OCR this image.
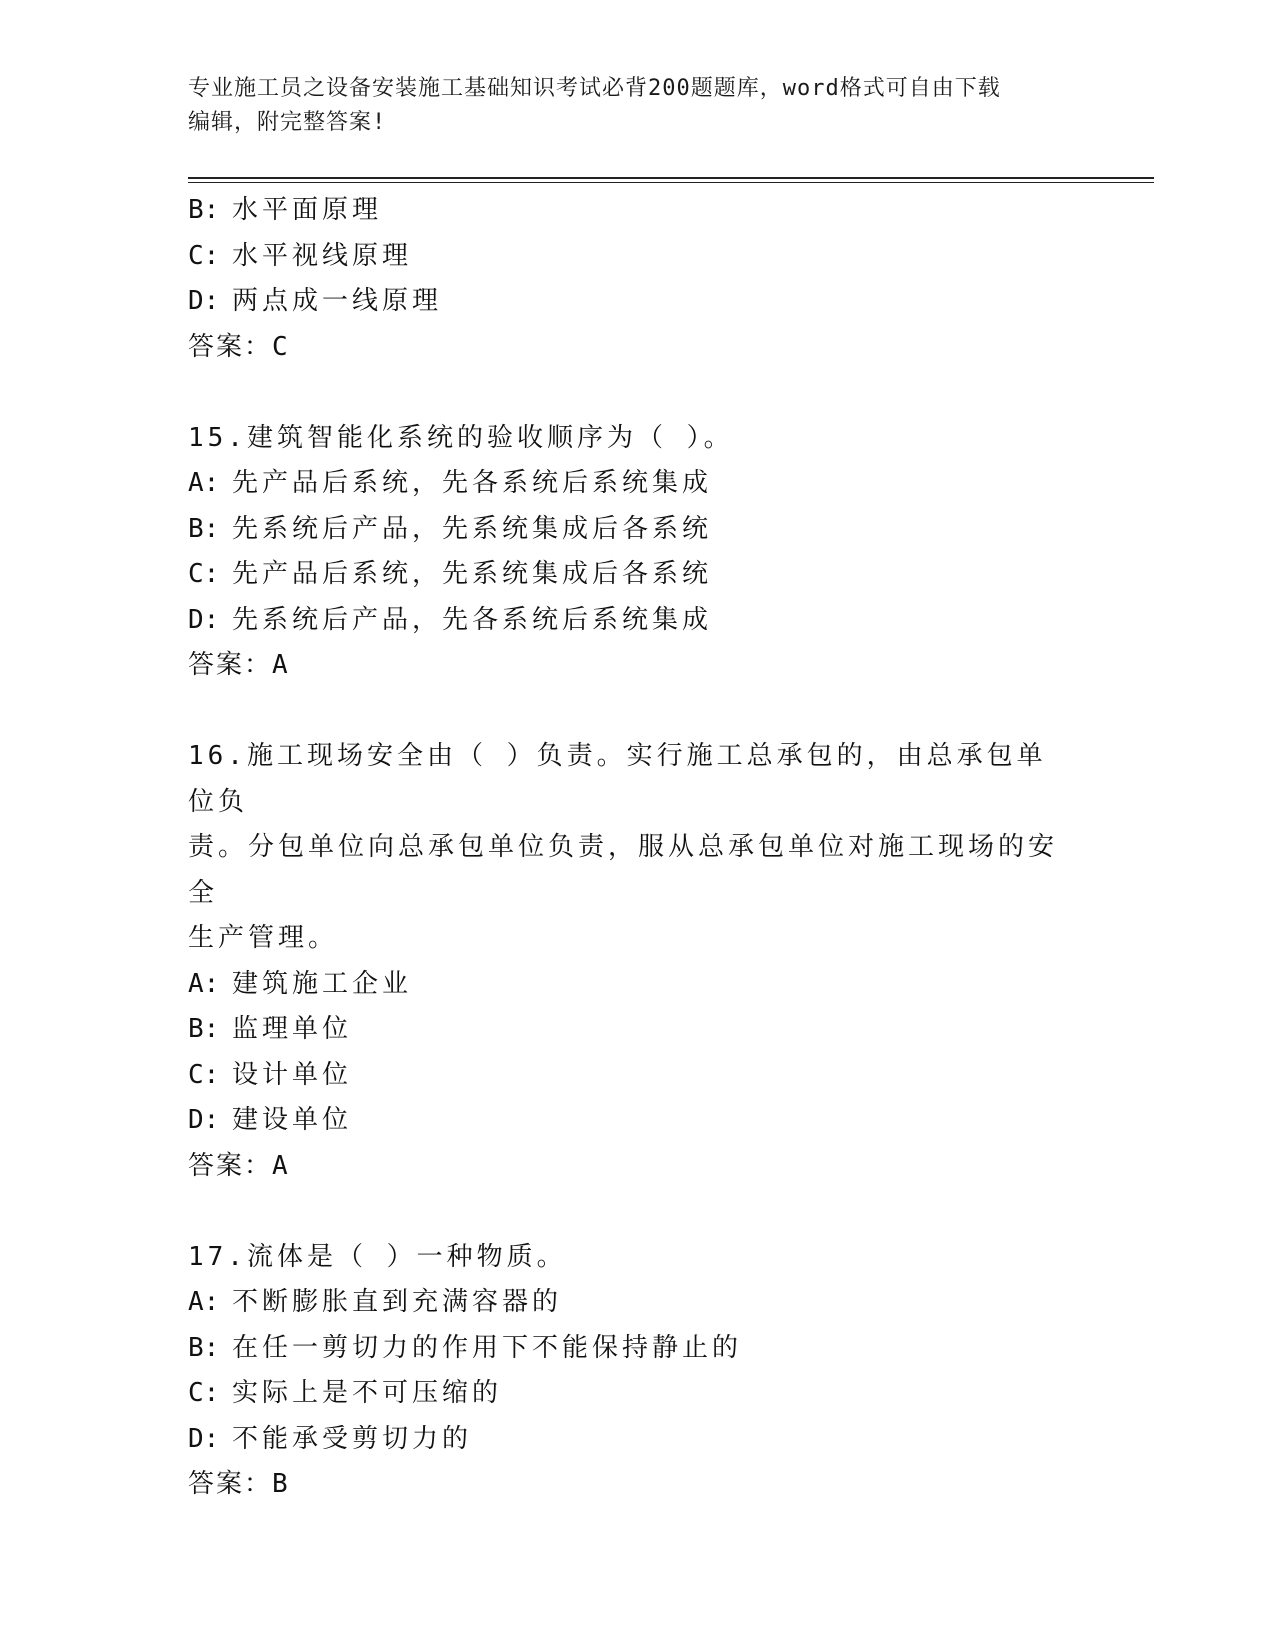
专业施工员之设备安装施工基础知识考试必背200题题库，word格式可自由下载
编辑，附完整答案!
B: 水平面原理
C: 水平视线原理
D: 两点成一线原理
答案：C
15.建筑智能化系统的验收顺序为（ ）。
A: 先产品后系统，先各系统后系统集成
B: 先系统后产品，先系统集成后各系统
C: 先产品后系统，先系统集成后各系统
D: 先系统后产品，先各系统后系统集成
答案：A
16.施工现场安全由（ ）负责。实行施工总承包的，由总承包单位负
责。分包单位向总承包单位负责，服从总承包单位对施工现场的安全
生产管理。
A: 建筑施工企业
B: 监理单位
C: 设计单位
D: 建设单位
答案：A
17.流体是（ ）一种物质。
A: 不断膨胀直到充满容器的
B: 在任一剪切力的作用下不能保持静止的
C: 实际上是不可压缩的
D: 不能承受剪切力的
答案：B
